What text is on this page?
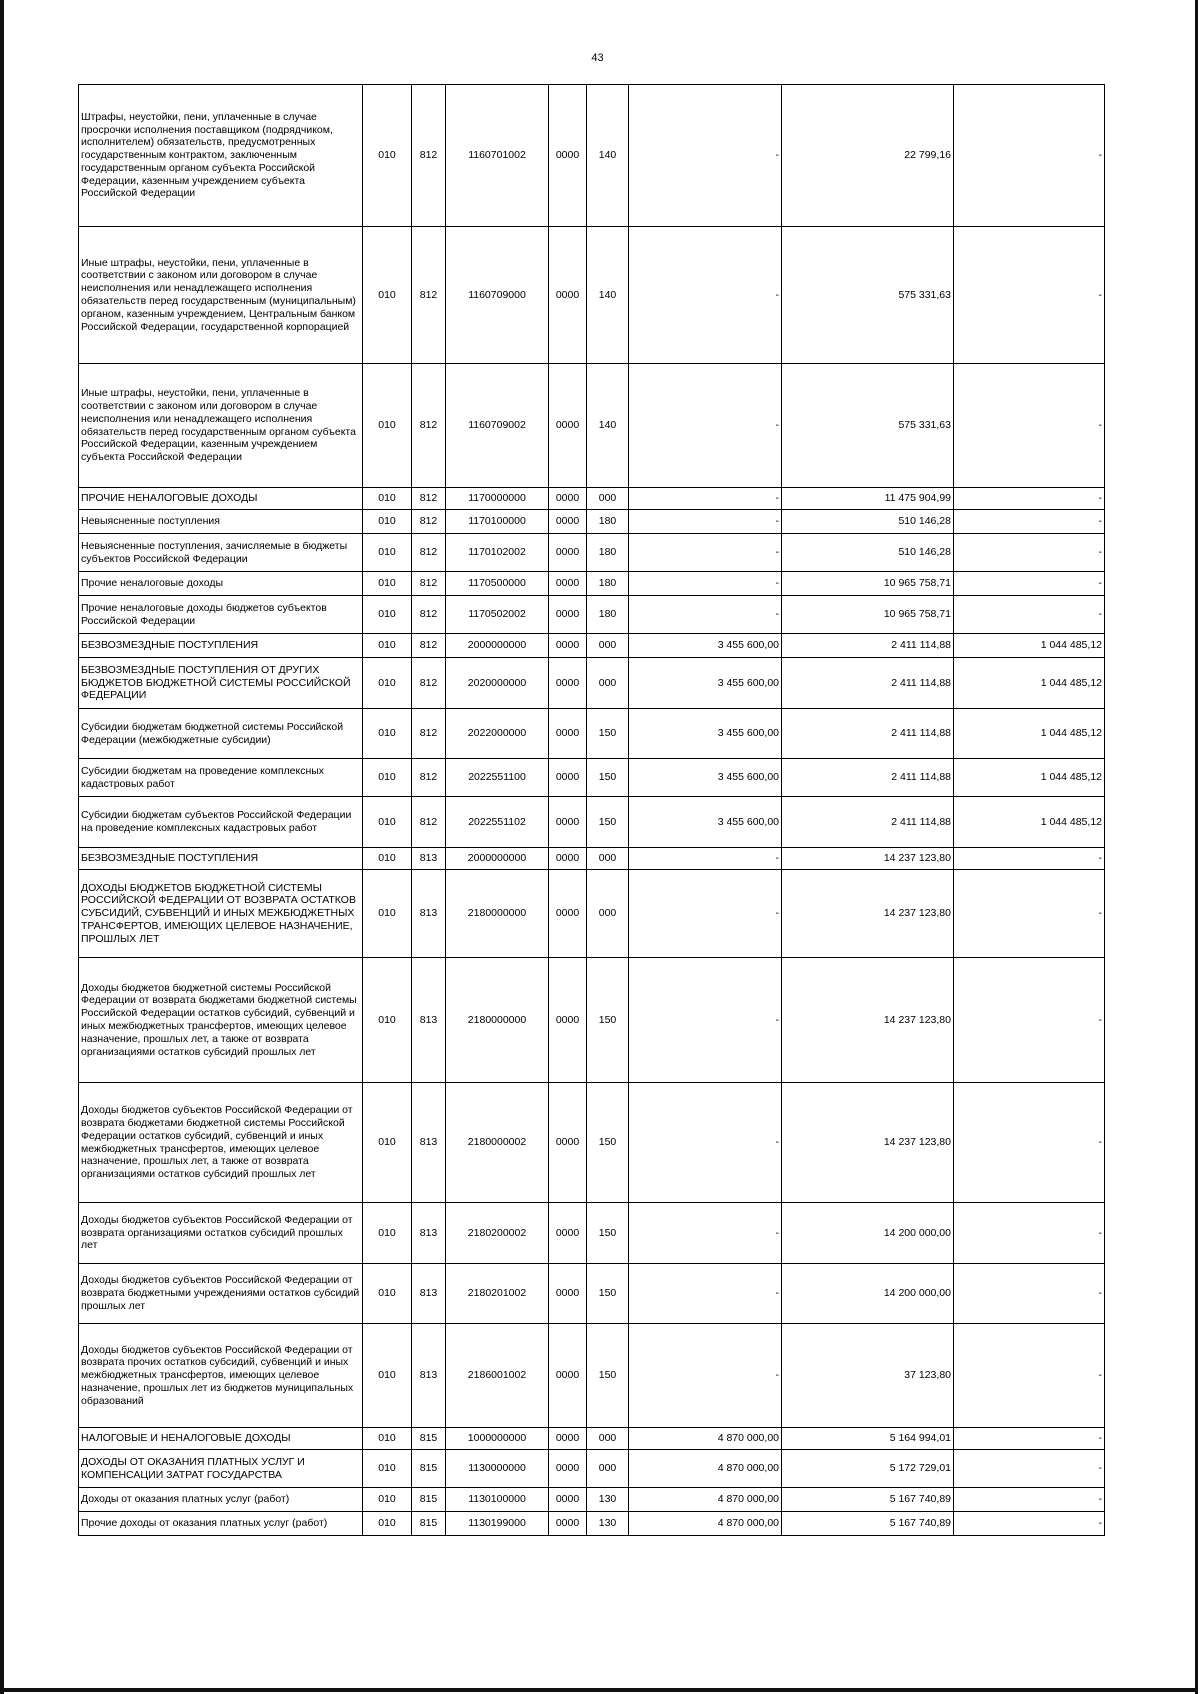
43
Штрафы, неустойки, пени, уплаченные в случае просрочки исполнения поставщиком (подрядчиком, исполнителем) обязательств, предусмотренных государственным контрактом, заключенным государственным органом субъекта Российской Федерации, казенным учреждением субъекта Российской Федерации	010	812	1160701002	0000	140	-	22 799,16	-
Иные штрафы, неустойки, пени, уплаченные в соответствии с законом или договором в случае неисполнения или ненадлежащего исполнения обязательств перед государственным (муниципальным) органом, казенным учреждением, Центральным банком Российской Федерации, государственной корпорацией	010	812	1160709000	0000	140	-	575 331,63	-
Иные штрафы, неустойки, пени, уплаченные в соответствии с законом или договором в случае неисполнения или ненадлежащего исполнения обязательств перед государственным органом субъекта Российской Федерации, казенным учреждением субъекта Российской Федерации	010	812	1160709002	0000	140	-	575 331,63	-
ПРОЧИЕ НЕНАЛОГОВЫЕ ДОХОДЫ	010	812	1170000000	0000	000	-	11 475 904,99	-
Невыясненные поступления	010	812	1170100000	0000	180	-	510 146,28	-
Невыясненные поступления, зачисляемые в бюджеты субъектов Российской Федерации	010	812	1170102002	0000	180	-	510 146,28	-
Прочие неналоговые доходы	010	812	1170500000	0000	180	-	10 965 758,71	-
Прочие неналоговые доходы бюджетов субъектов Российской Федерации	010	812	1170502002	0000	180	-	10 965 758,71	-
БЕЗВОЗМЕЗДНЫЕ ПОСТУПЛЕНИЯ	010	812	2000000000	0000	000	3 455 600,00	2 411 114,88	1 044 485,12
БЕЗВОЗМЕЗДНЫЕ ПОСТУПЛЕНИЯ ОТ ДРУГИХ БЮДЖЕТОВ БЮДЖЕТНОЙ СИСТЕМЫ РОССИЙСКОЙ ФЕДЕРАЦИИ	010	812	2020000000	0000	000	3 455 600,00	2 411 114,88	1 044 485,12
Субсидии бюджетам бюджетной системы Российской Федерации (межбюджетные субсидии)	010	812	2022000000	0000	150	3 455 600,00	2 411 114,88	1 044 485,12
Субсидии бюджетам на проведение комплексных кадастровых работ	010	812	2022551100	0000	150	3 455 600,00	2 411 114,88	1 044 485,12
Субсидии бюджетам субъектов Российской Федерации на проведение комплексных кадастровых работ	010	812	2022551102	0000	150	3 455 600,00	2 411 114,88	1 044 485,12
БЕЗВОЗМЕЗДНЫЕ ПОСТУПЛЕНИЯ	010	813	2000000000	0000	000	-	14 237 123,80	-
ДОХОДЫ БЮДЖЕТОВ БЮДЖЕТНОЙ СИСТЕМЫ РОССИЙСКОЙ ФЕДЕРАЦИИ ОТ ВОЗВРАТА ОСТАТКОВ СУБСИДИЙ, СУБВЕНЦИЙ И ИНЫХ МЕЖБЮДЖЕТНЫХ ТРАНСФЕРТОВ, ИМЕЮЩИХ ЦЕЛЕВОЕ НАЗНАЧЕНИЕ, ПРОШЛЫХ ЛЕТ	010	813	2180000000	0000	000	-	14 237 123,80	-
Доходы бюджетов бюджетной системы Российской Федерации от возврата бюджетами бюджетной системы Российской Федерации остатков субсидий, субвенций и иных межбюджетных трансфертов, имеющих целевое назначение, прошлых лет, а также от возврата организациями остатков субсидий прошлых лет	010	813	2180000000	0000	150	-	14 237 123,80	-
Доходы бюджетов субъектов Российской Федерации от возврата бюджетами бюджетной системы Российской Федерации остатков субсидий, субвенций и иных межбюджетных трансфертов, имеющих целевое назначение, прошлых лет, а также от возврата организациями остатков субсидий прошлых лет	010	813	2180000002	0000	150	-	14 237 123,80	-
Доходы бюджетов субъектов Российской Федерации от возврата организациями остатков субсидий прошлых лет	010	813	2180200002	0000	150	-	14 200 000,00	-
Доходы бюджетов субъектов Российской Федерации от возврата бюджетными учреждениями остатков субсидий прошлых лет	010	813	2180201002	0000	150	-	14 200 000,00	-
Доходы бюджетов субъектов Российской Федерации от возврата прочих остатков субсидий, субвенций и иных межбюджетных трансфертов, имеющих целевое назначение, прошлых лет из бюджетов муниципальных образований	010	813	2186001002	0000	150	-	37 123,80	-
НАЛОГОВЫЕ И НЕНАЛОГОВЫЕ ДОХОДЫ	010	815	1000000000	0000	000	4 870 000,00	5 164 994,01	-
ДОХОДЫ ОТ ОКАЗАНИЯ ПЛАТНЫХ УСЛУГ И КОМПЕНСАЦИИ ЗАТРАТ ГОСУДАРСТВА	010	815	1130000000	0000	000	4 870 000,00	5 172 729,01	-
Доходы от оказания платных услуг (работ)	010	815	1130100000	0000	130	4 870 000,00	5 167 740,89	-
Прочие доходы от оказания платных услуг (работ)	010	815	1130199000	0000	130	4 870 000,00	5 167 740,89	-
